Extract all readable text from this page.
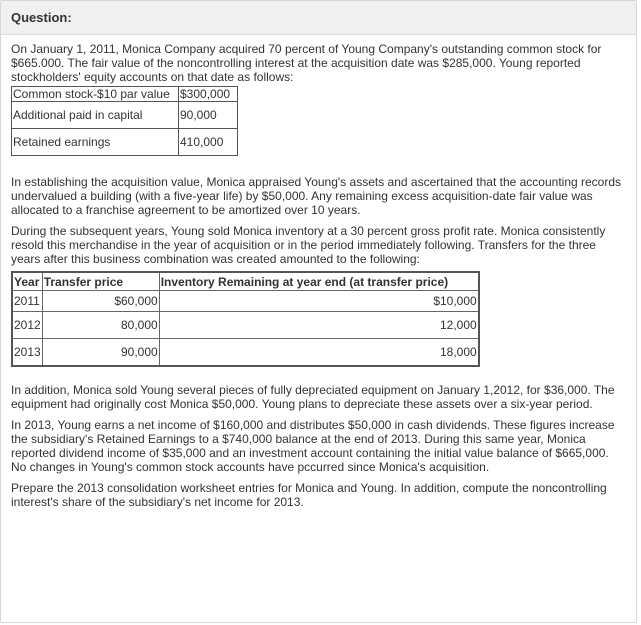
Question:

On January 1, 2011, Monica Company acquired 70 percent of Young Company's outstanding common stock for $665.000. The fair value of the noncontrolling interest at the acquisition date was $285,000. Young reported stockholders' equity accounts on that date as follows:

Common stock-$10 par value	$300,000
Additional paid in capital	90,000
Retained earnings	410,000

In establishing the acquisition value, Monica appraised Young's assets and ascertained that the accounting records undervalued a building (with a five-year life) by $50,000. Any remaining excess acquisition-date fair value was allocated to a franchise agreement to be amortized over 10 years.

During the subsequent years, Young sold Monica inventory at a 30 percent gross profit rate. Monica consistently resold this merchandise in the year of acquisition or in the period immediately following. Transfers for the three years after this business combination was created amounted to the following:

Year	Transfer price	Inventory Remaining at year end (at transfer price)
2011	$60,000	$10,000
2012	80,000	12,000
2013	90,000	18,000

In addition, Monica sold Young several pieces of fully depreciated equipment on January 1,2012, for $36,000. The equipment had originally cost Monica $50,000. Young plans to depreciate these assets over a six-year period.

In 2013, Young earns a net income of $160,000 and distributes $50,000 in cash dividends. These figures increase the subsidiary's Retained Earnings to a $740,000 balance at the end of 2013. During this same year, Monica reported dividend income of $35,000 and an investment account containing the initial value balance of $665,000. No changes in Young's common stock accounts have pccurred since Monica's acquisition.

Prepare the 2013 consolidation worksheet entries for Monica and Young. In addition, compute the noncontrolling interest's share of the subsidiary's net income for 2013.
